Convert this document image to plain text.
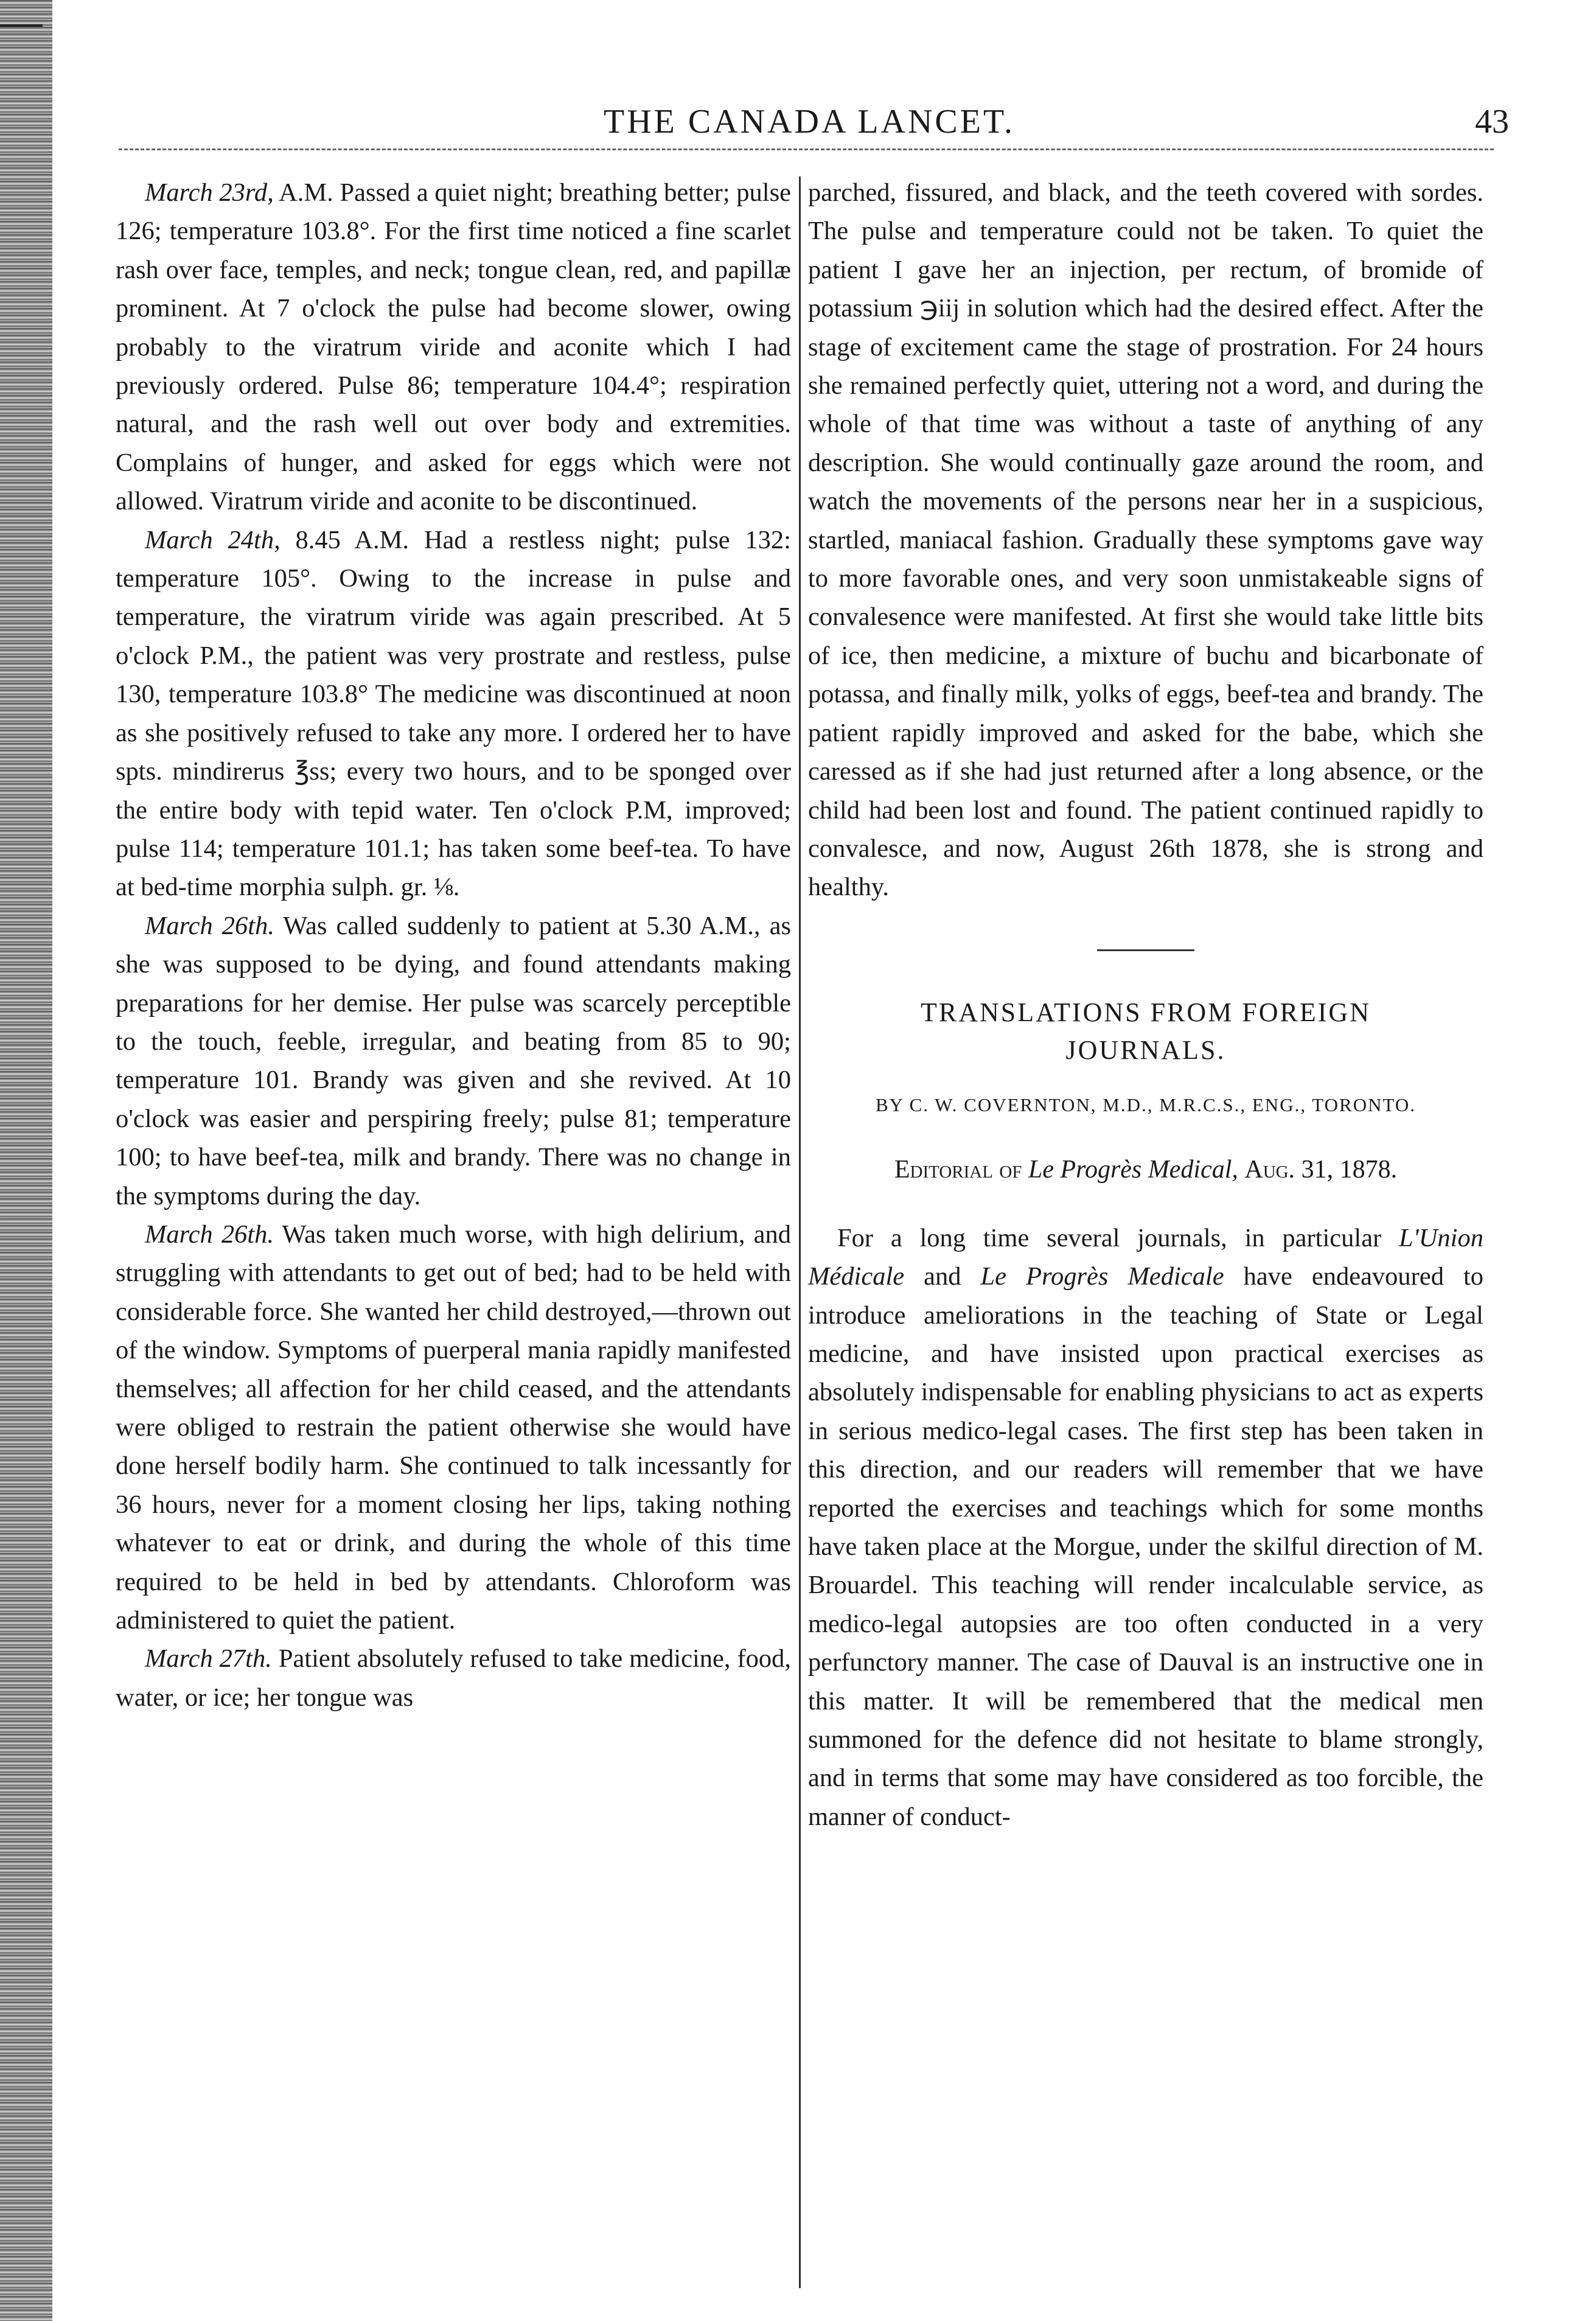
THE CANADA LANCET.	43

March 23rd, A.M. Passed a quiet night; breathing better; pulse 126; temperature 103.8°. For the first time noticed a fine scarlet rash over face, temples, and neck; tongue clean, red, and papillæ prominent. At 7 o'clock the pulse had become slower, owing probably to the viratrum viride and aconite which I had previously ordered. Pulse 86; temperature 104.4°; respiration natural, and the rash well out over body and extremities. Complains of hunger, and asked for eggs which were not allowed. Viratrum viride and aconite to be discontinued.

March 24th, 8.45 A.M. Had a restless night; pulse 132: temperature 105°. Owing to the increase in pulse and temperature, the viratrum viride was again prescribed. At 5 o'clock P.M., the patient was very prostrate and restless, pulse 130, temperature 103.8° The medicine was discontinued at noon as she positively refused to take any more. I ordered her to have spts. mindirerus ℥ss; every two hours, and to be sponged over the entire body with tepid water. Ten o'clock P.M, improved; pulse 114; temperature 101.1; has taken some beef-tea. To have at bed-time morphia sulph. gr. ⅛.

March 26th. Was called suddenly to patient at 5.30 A.M., as she was supposed to be dying, and found attendants making preparations for her demise. Her pulse was scarcely perceptible to the touch, feeble, irregular, and beating from 85 to 90; temperature 101. Brandy was given and she revived. At 10 o'clock was easier and perspiring freely; pulse 81; temperature 100; to have beef-tea, milk and brandy. There was no change in the symptoms during the day.

March 26th. Was taken much worse, with high delirium, and struggling with attendants to get out of bed; had to be held with considerable force. She wanted her child destroyed,—thrown out of the window. Symptoms of puerperal mania rapidly manifested themselves; all affection for her child ceased, and the attendants were obliged to restrain the patient otherwise she would have done herself bodily harm. She continued to talk incessantly for 36 hours, never for a moment closing her lips, taking nothing whatever to eat or drink, and during the whole of this time required to be held in bed by attendants. Chloroform was administered to quiet the patient.

March 27th. Patient absolutely refused to take medicine, food, water, or ice; her tongue was

parched, fissured, and black, and the teeth covered with sordes. The pulse and temperature could not be taken. To quiet the patient I gave her an injection, per rectum, of bromide of potassium ℈iij in solution which had the desired effect. After the stage of excitement came the stage of prostration. For 24 hours she remained perfectly quiet, uttering not a word, and during the whole of that time was without a taste of anything of any description. She would continually gaze around the room, and watch the movements of the persons near her in a suspicious, startled, maniacal fashion. Gradually these symptoms gave way to more favorable ones, and very soon unmistakeable signs of convalesence were manifested. At first she would take little bits of ice, then medicine, a mixture of buchu and bicarbonate of potassa, and finally milk, yolks of eggs, beef-tea and brandy. The patient rapidly improved and asked for the babe, which she caressed as if she had just returned after a long absence, or the child had been lost and found. The patient continued rapidly to convalesce, and now, August 26th 1878, she is strong and healthy.

TRANSLATIONS FROM FOREIGN
JOURNALS.
BY C. W. COVERNTON, M.D., M.R.C.S., ENG., TORONTO.
Editorial of Le Progrès Medical, Aug. 31, 1878.

For a long time several journals, in particular L'Union Médicale and Le Progrès Medicale have endeavoured to introduce ameliorations in the teaching of State or Legal medicine, and have insisted upon practical exercises as absolutely indispensable for enabling physicians to act as experts in serious medico-legal cases. The first step has been taken in this direction, and our readers will remember that we have reported the exercises and teachings which for some months have taken place at the Morgue, under the skilful direction of M. Brouardel. This teaching will render incalculable service, as medico-legal autopsies are too often conducted in a very perfunctory manner. The case of Dauval is an instructive one in this matter. It will be remembered that the medical men summoned for the defence did not hesitate to blame strongly, and in terms that some may have considered as too forcible, the manner of conduct-
